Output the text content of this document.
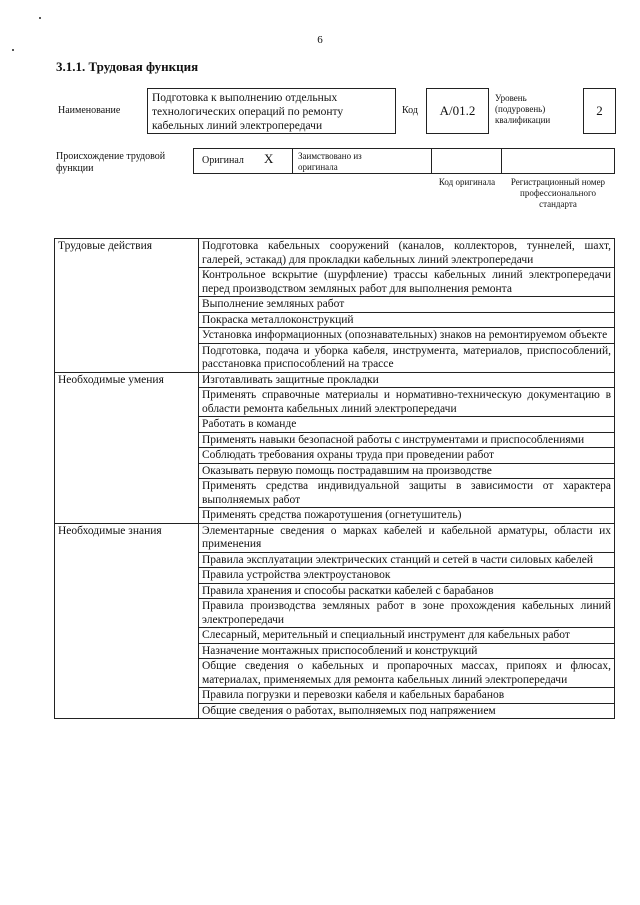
6
3.1.1. Трудовая функция
Наименование
Подготовка к выполнению отдельных технологических операций по ремонту кабельных линий электропередачи
Код	А/01.2
Уровень (подуровень) квалификации
2
Происхождение трудовой функции
Оригинал X	Заимствовано из оригинала
Код оригинала	Регистрационный номер профессионального стандарта
Трудовые действия	Подготовка кабельных сооружений (каналов, коллекторов, туннелей, шахт, галерей, эстакад) для прокладки кабельных линий электропередачи
	Контрольное вскрытие (шурфление) трассы кабельных линий электропередачи перед производством земляных работ для выполнения ремонта
	Выполнение земляных работ
	Покраска металлоконструкций
	Установка информационных (опознавательных) знаков на ремонтируемом объекте
	Подготовка, подача и уборка кабеля, инструмента, материалов, приспособлений, расстановка приспособлений на трассе
Необходимые умения	Изготавливать защитные прокладки
	Применять справочные материалы и нормативно-техническую документацию в области ремонта кабельных линий электропередачи
	Работать в команде
	Применять навыки безопасной работы с инструментами и приспособлениями
	Соблюдать требования охраны труда при проведении работ
	Оказывать первую помощь пострадавшим на производстве
	Применять средства индивидуальной защиты в зависимости от характера выполняемых работ
	Применять средства пожаротушения (огнетушитель)
Необходимые знания	Элементарные сведения о марках кабелей и кабельной арматуры, области их применения
	Правила эксплуатации электрических станций и сетей в части силовых кабелей
	Правила устройства электроустановок
	Правила хранения и способы раскатки кабелей с барабанов
	Правила производства земляных работ в зоне прохождения кабельных линий электропередачи
	Слесарный, мерительный и специальный инструмент для кабельных работ
	Назначение монтажных приспособлений и конструкций
	Общие сведения о кабельных и пропарочных массах, припоях и флюсах, материалах, применяемых для ремонта кабельных линий электропередачи
	Правила погрузки и перевозки кабеля и кабельных барабанов
	Общие сведения о работах, выполняемых под напряжением
